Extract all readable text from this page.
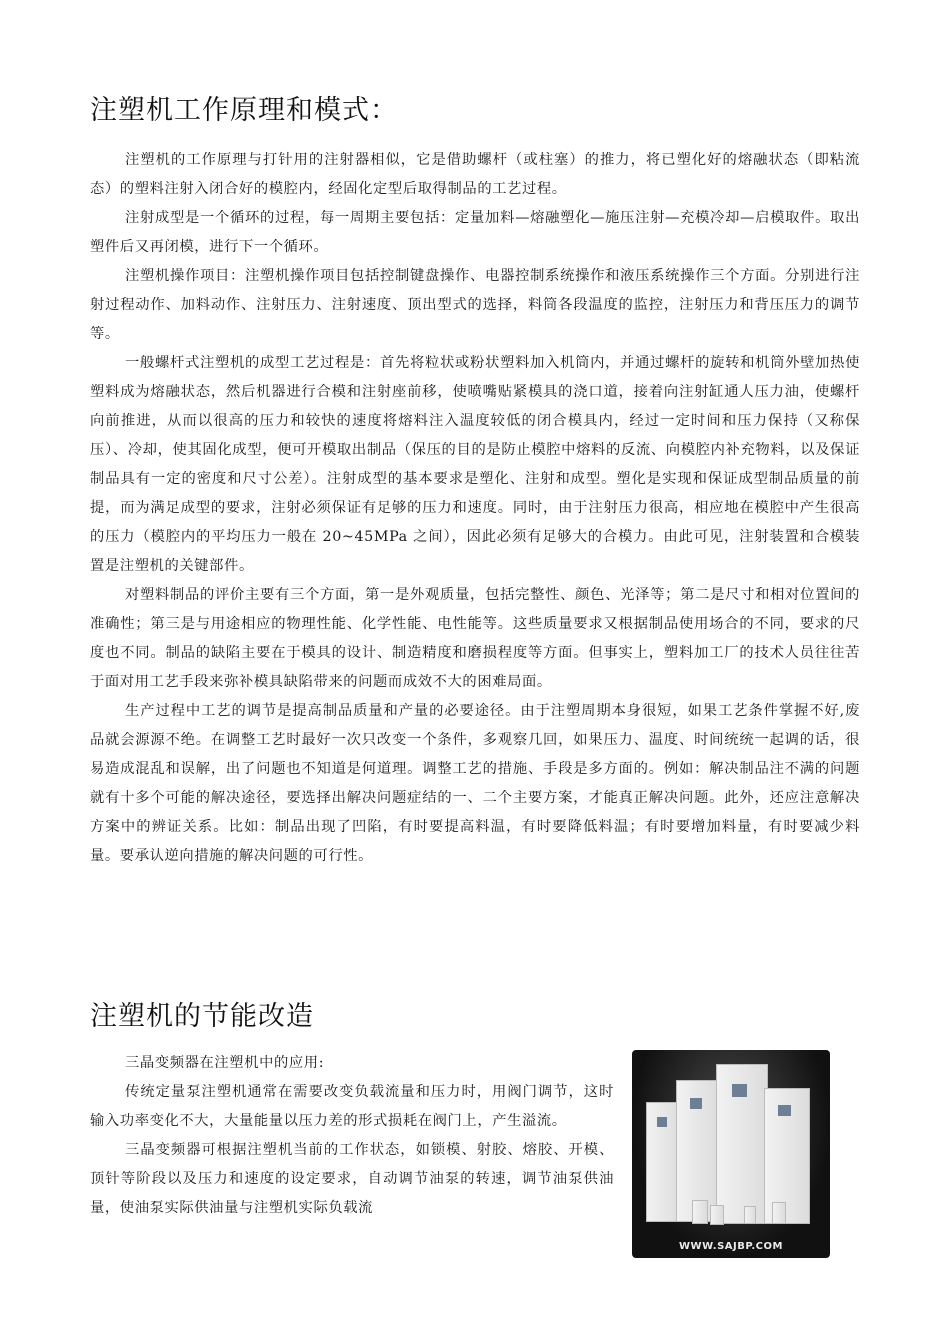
注塑机工作原理和模式：

注塑机的工作原理与打针用的注射器相似，它是借助螺杆（或柱塞）的推力，将已塑化好的熔融状态（即粘流态）的塑料注射入闭合好的模腔内，经固化定型后取得制品的工艺过程。

注射成型是一个循环的过程，每一周期主要包括：定量加料—熔融塑化—施压注射—充模冷却—启模取件。取出塑件后又再闭模，进行下一个循环。

注塑机操作项目：注塑机操作项目包括控制键盘操作、电器控制系统操作和液压系统操作三个方面。分别进行注射过程动作、加料动作、注射压力、注射速度、顶出型式的选择，料筒各段温度的监控，注射压力和背压压力的调节等。

一般螺杆式注塑机的成型工艺过程是：首先将粒状或粉状塑料加入机筒内，并通过螺杆的旋转和机筒外壁加热使塑料成为熔融状态，然后机器进行合模和注射座前移，使喷嘴贴紧模具的浇口道，接着向注射缸通人压力油，使螺杆向前推进，从而以很高的压力和较快的速度将熔料注入温度较低的闭合模具内，经过一定时间和压力保持（又称保压）、冷却，使其固化成型，便可开模取出制品（保压的目的是防止模腔中熔料的反流、向模腔内补充物料，以及保证制品具有一定的密度和尺寸公差）。注射成型的基本要求是塑化、注射和成型。塑化是实现和保证成型制品质量的前提，而为满足成型的要求，注射必须保证有足够的压力和速度。同时，由于注射压力很高，相应地在模腔中产生很高的压力（模腔内的平均压力一般在 20~45MPa 之间），因此必须有足够大的合模力。由此可见，注射装置和合模装置是注塑机的关键部件。

对塑料制品的评价主要有三个方面，第一是外观质量，包括完整性、颜色、光泽等；第二是尺寸和相对位置间的准确性；第三是与用途相应的物理性能、化学性能、电性能等。这些质量要求又根据制品使用场合的不同，要求的尺度也不同。制品的缺陷主要在于模具的设计、制造精度和磨损程度等方面。但事实上，塑料加工厂的技术人员往往苦于面对用工艺手段来弥补模具缺陷带来的问题而成效不大的困难局面。

生产过程中工艺的调节是提高制品质量和产量的必要途径。由于注塑周期本身很短，如果工艺条件掌握不好,废品就会源源不绝。在调整工艺时最好一次只改变一个条件，多观察几回，如果压力、温度、时间统统一起调的话，很易造成混乱和误解，出了问题也不知道是何道理。调整工艺的措施、手段是多方面的。例如：解决制品注不满的问题就有十多个可能的解决途径，要选择出解决问题症结的一、二个主要方案，才能真正解决问题。此外，还应注意解决方案中的辨证关系。比如：制品出现了凹陷，有时要提高料温，有时要降低料温；有时要增加料量，有时要减少料量。要承认逆向措施的解决问题的可行性。

注塑机的节能改造

三晶变频器在注塑机中的应用:

传统定量泵注塑机通常在需要改变负载流量和压力时，用阀门调节，这时输入功率变化不大，大量能量以压力差的形式损耗在阀门上，产生溢流。

三晶变频器可根据注塑机当前的工作状态，如锁模、射胶、熔胶、开模、顶针等阶段以及压力和速度的设定要求，自动调节油泵的转速，调节油泵供油量，使油泵实际供油量与注塑机实际负载流

WWW.SAJBP.COM
